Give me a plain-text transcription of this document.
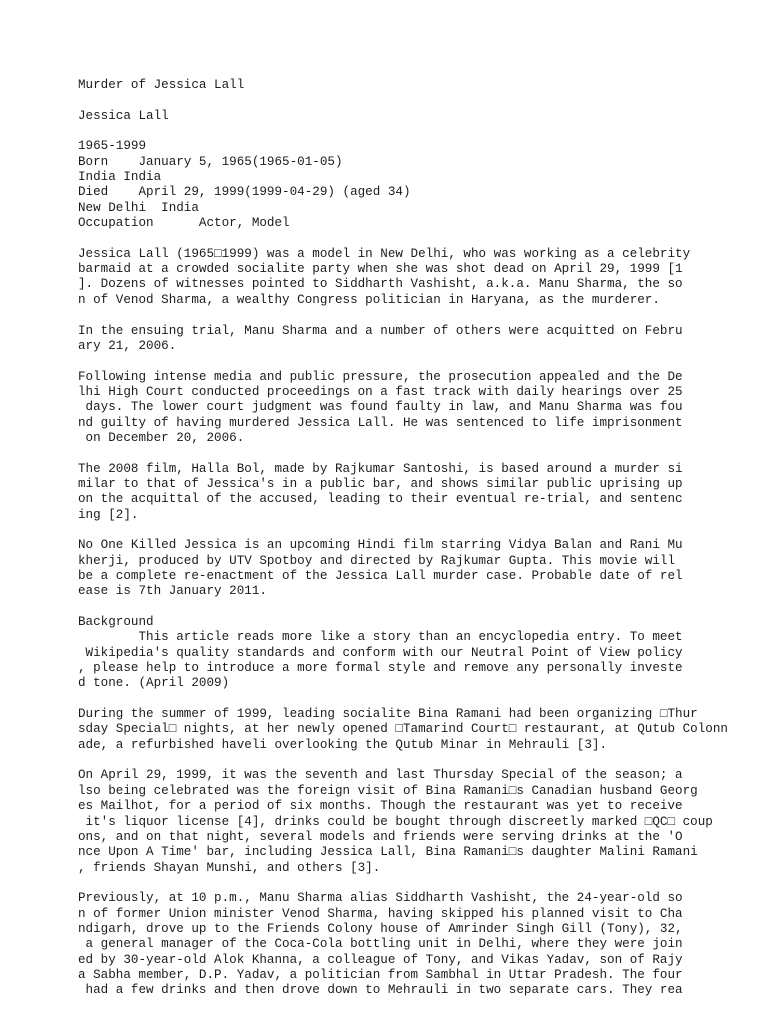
Murder of Jessica Lall
Jessica Lall
1965-1999
Born    January 5, 1965(1965-01-05)
India India
Died    April 29, 1999(1999-04-29) (aged 34)
New Delhi  India
Occupation      Actor, Model
Jessica Lall (1965□1999) was a model in New Delhi, who was working as a celebrity
barmaid at a crowded socialite party when she was shot dead on April 29, 1999 [1
]. Dozens of witnesses pointed to Siddharth Vashisht, a.k.a. Manu Sharma, the so
n of Venod Sharma, a wealthy Congress politician in Haryana, as the murderer.
In the ensuing trial, Manu Sharma and a number of others were acquitted on Febru
ary 21, 2006.
Following intense media and public pressure, the prosecution appealed and the De
lhi High Court conducted proceedings on a fast track with daily hearings over 25
days. The lower court judgment was found faulty in law, and Manu Sharma was fou
nd guilty of having murdered Jessica Lall. He was sentenced to life imprisonment
on December 20, 2006.
The 2008 film, Halla Bol, made by Rajkumar Santoshi, is based around a murder si
milar to that of Jessica's in a public bar, and shows similar public uprising up
on the acquittal of the accused, leading to their eventual re-trial, and sentenc
ing [2].
No One Killed Jessica is an upcoming Hindi film starring Vidya Balan and Rani Mu
kherji, produced by UTV Spotboy and directed by Rajkumar Gupta. This movie will
be a complete re-enactment of the Jessica Lall murder case. Probable date of rel
ease is 7th January 2011.
Background
This article reads more like a story than an encyclopedia entry. To meet
Wikipedia's quality standards and conform with our Neutral Point of View policy
, please help to introduce a more formal style and remove any personally investe
d tone. (April 2009)
During the summer of 1999, leading socialite Bina Ramani had been organizing □Thur
sday Special□ nights, at her newly opened □Tamarind Court□ restaurant, at Qutub Colonn
ade, a refurbished haveli overlooking the Qutub Minar in Mehrauli [3].
On April 29, 1999, it was the seventh and last Thursday Special of the season; a
lso being celebrated was the foreign visit of Bina Ramani□s Canadian husband Georg
es Mailhot, for a period of six months. Though the restaurant was yet to receive
it's liquor license [4], drinks could be bought through discreetly marked □QC□ coup
ons, and on that night, several models and friends were serving drinks at the 'O
nce Upon A Time' bar, including Jessica Lall, Bina Ramani□s daughter Malini Ramani
, friends Shayan Munshi, and others [3].
Previously, at 10 p.m., Manu Sharma alias Siddharth Vashisht, the 24-year-old so
n of former Union minister Venod Sharma, having skipped his planned visit to Cha
ndigarh, drove up to the Friends Colony house of Amrinder Singh Gill (Tony), 32,
a general manager of the Coca-Cola bottling unit in Delhi, where they were join
ed by 30-year-old Alok Khanna, a colleague of Tony, and Vikas Yadav, son of Rajy
a Sabha member, D.P. Yadav, a politician from Sambhal in Uttar Pradesh. The four
had a few drinks and then drove down to Mehrauli in two separate cars. They rea
